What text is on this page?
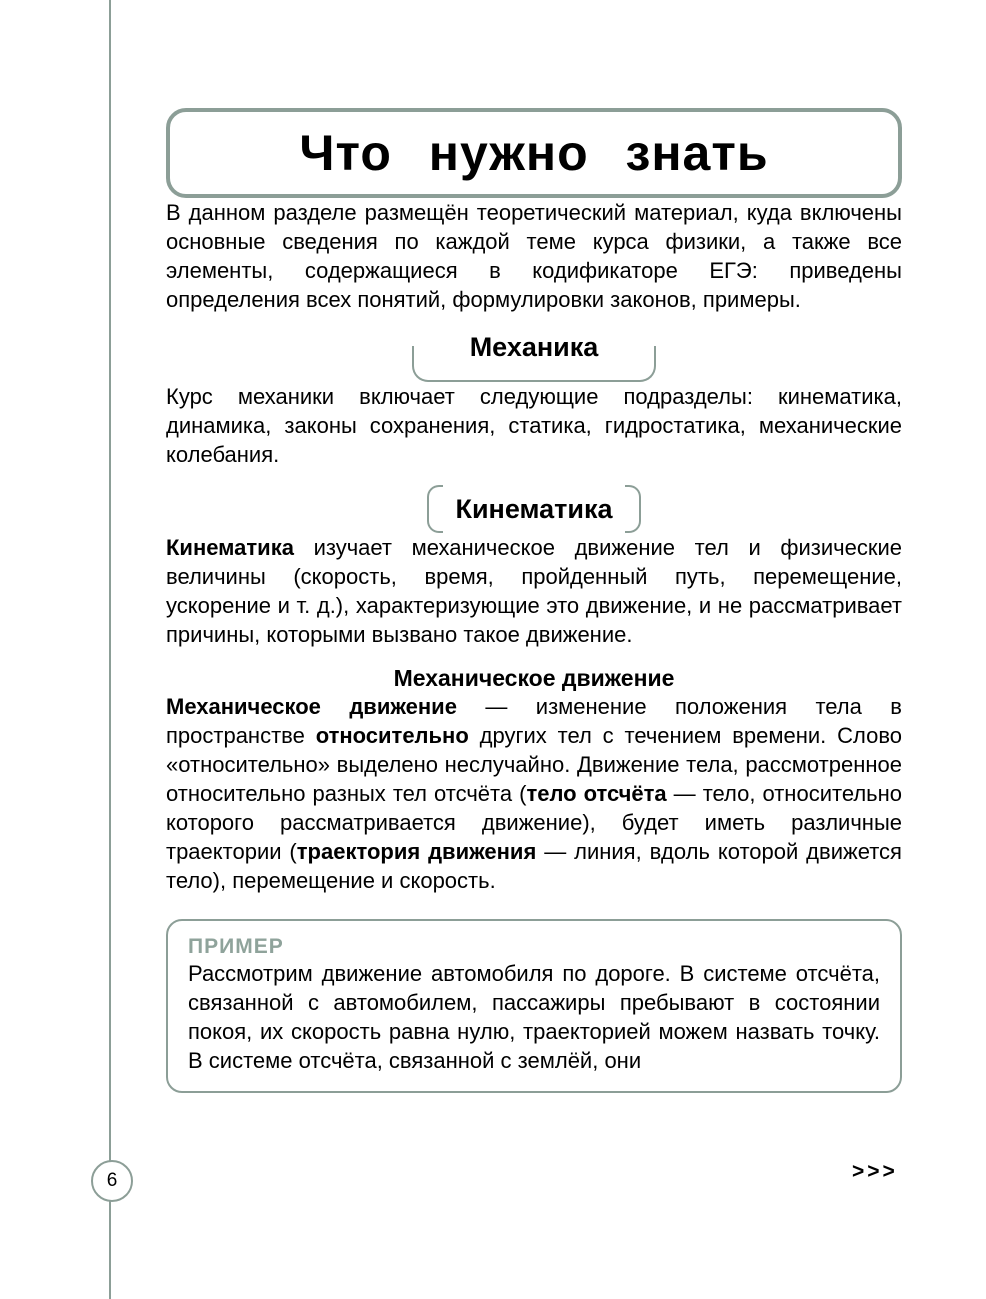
6	>>>
Что нужно знать

В данном разделе размещён теоретический материал, куда включены основные сведения по каждой теме курса физики, а также все элементы, содержащиеся в кодификаторе ЕГЭ: приведены определения всех понятий, формулировки законов, примеры.

Механика

Курс механики включает следующие подразделы: кинематика, динамика, законы сохранения, статика, гидростатика, механические колебания.

Кинематика

Кинематика изучает механическое движение тел и физические величины (скорость, время, пройденный путь, перемещение, ускорение и т. д.), характеризующие это движение, и не рассматривает причины, которыми вызвано такое движение.

Механическое движение

Механическое движение — изменение положения тела в пространстве относительно других тел с течением времени. Слово «относительно» выделено неслучайно. Движение тела, рассмотренное относительно разных тел отсчёта (тело отсчёта — тело, относительно которого рассматривается движение), будет иметь различные траектории (траектория движения — линия, вдоль которой движется тело), перемещение и скорость.

ПРИМЕР

Рассмотрим движение автомобиля по дороге. В системе отсчёта, связанной с автомобилем, пассажиры пребывают в состоянии покоя, их скорость равна нулю, траекторией можем назвать точку. В системе отсчёта, связанной с землёй, они
